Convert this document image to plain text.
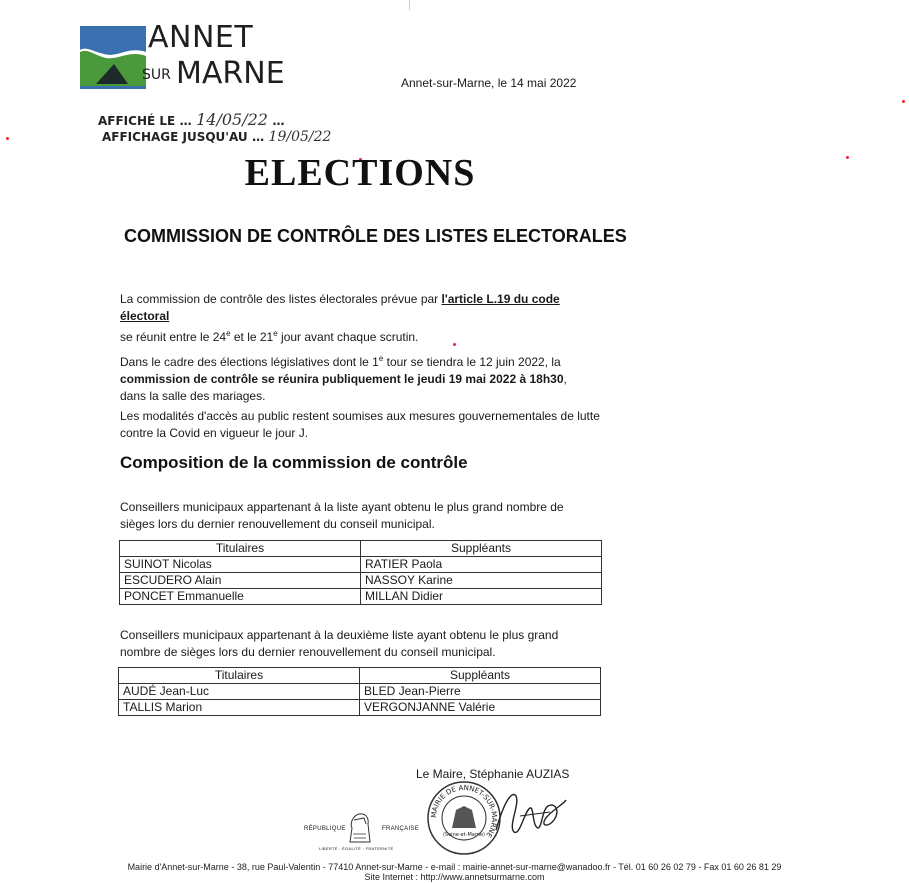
ANNET
SUR MARNE	Annet-sur-Marne, le 14 mai 2022
AFFICHÉ LE … 14/05/22 …
AFFICHAGE JUSQU'AU … 19/05/22
ELECTIONS
COMMISSION DE CONTRÔLE DES LISTES ELECTORALES
La commission de contrôle des listes électorales prévue par l'article L.19 du code électoral
se réunit entre le 24e et le 21e jour avant chaque scrutin.
Dans le cadre des élections législatives dont le 1e tour se tiendra le 12 juin 2022, la commission de contrôle se réunira publiquement le jeudi 19 mai 2022 à 18h30, dans la salle des mariages.
Les modalités d'accès au public restent soumises aux mesures gouvernementales de lutte contre la Covid en vigueur le jour J.
Composition de la commission de contrôle
Conseillers municipaux appartenant à la liste ayant obtenu le plus grand nombre de sièges lors du dernier renouvellement du conseil municipal.
Titulaires	Suppléants
SUINOT Nicolas	RATIER Paola
ESCUDERO Alain	NASSOY Karine
PONCET Emmanuelle	MILLAN Didier
Conseillers municipaux appartenant à la deuxième liste ayant obtenu le plus grand nombre de sièges lors du dernier renouvellement du conseil municipal.
Titulaires	Suppléants
AUDÉ Jean-Luc	BLED Jean-Pierre
TALLIS Marion	VERGONJANNE Valérie
Le Maire, Stéphanie AUZIAS
MAIRIE DE ANNET-SUR-MARNE
(Seine-et-Marne)
RÉPUBLIQUE	FRANÇAISE
LIBERTÉ · ÉGALITÉ · FRATERNITÉ
Mairie d'Annet-sur-Marne - 38, rue Paul-Valentin - 77410 Annet-sur-Marne - e-mail : mairie-annet-sur-marne@wanadoo.fr - Tél. 01 60 26 02 79 - Fax 01 60 26 81 29
Site Internet : http://www.annetsurmarne.com
